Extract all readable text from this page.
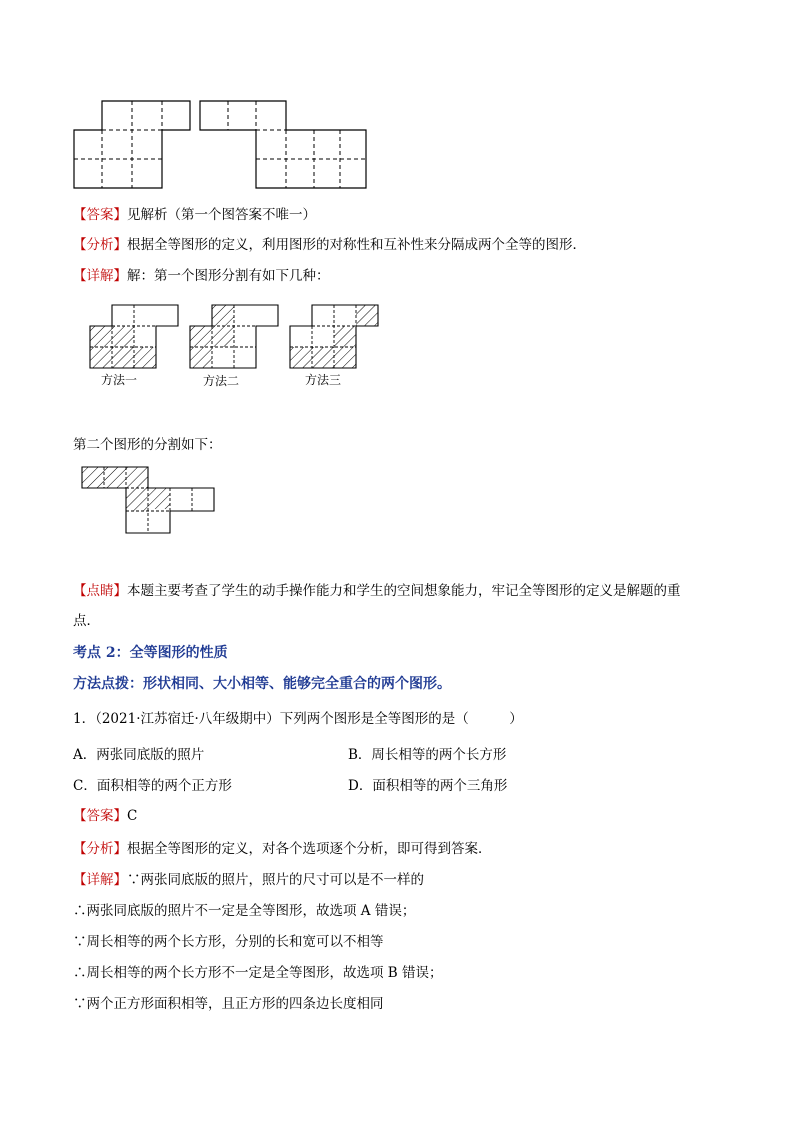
【答案】见解析（第一个图答案不唯一）
【分析】根据全等图形的定义，利用图形的对称性和互补性来分隔成两个全等的图形．
【详解】解：第一个图形分割有如下几种：
方法一	方法二	方法三
第二个图形的分割如下：
【点睛】本题主要考查了学生的动手操作能力和学生的空间想象能力，牢记全等图形的定义是解题的重
点．
考点 2：全等图形的性质
方法点拨：形状相同、大小相等、能够完全重合的两个图形。
1．（2021·江苏宿迁·八年级期中）下列两个图形是全等图形的是（　　　）
A．两张同底版的照片	B．周长相等的两个长方形
C．面积相等的两个正方形	D．面积相等的两个三角形
【答案】C
【分析】根据全等图形的定义，对各个选项逐个分析，即可得到答案．
【详解】∵两张同底版的照片，照片的尺寸可以是不一样的
∴两张同底版的照片不一定是全等图形，故选项 A 错误；
∵周长相等的两个长方形，分别的长和宽可以不相等
∴周长相等的两个长方形不一定是全等图形，故选项 B 错误；
∵两个正方形面积相等，且正方形的四条边长度相同
